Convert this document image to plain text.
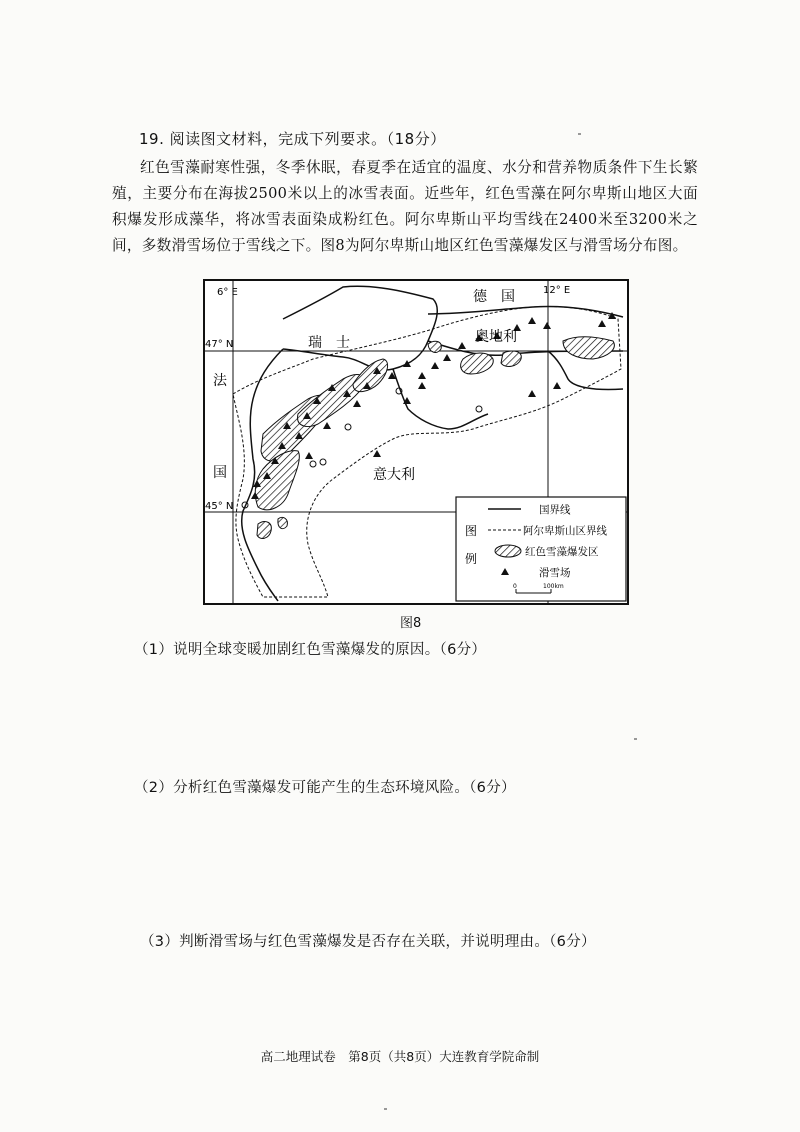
19. 阅读图文材料，完成下列要求。（18分）
红色雪藻耐寒性强，冬季休眠，春夏季在适宜的温度、水分和营养物质条件下生长繁殖，主要分布在海拔2500米以上的冰雪表面。近些年，红色雪藻在阿尔卑斯山地区大面积爆发形成藻华，将冰雪表面染成粉红色。阿尔卑斯山平均雪线在2400米至3200米之间，多数滑雪场位于雪线之下。图8为阿尔卑斯山地区红色雪藻爆发区与滑雪场分布图。
6° E	12° E
47° N
45° N
德　国
奥地利
瑞　士
法
国	意大利
图
例
国界线
阿尔卑斯山区界线
红色雪藻爆发区
滑雪场
0	100km
图8
（1）说明全球变暖加剧红色雪藻爆发的原因。（6分）
（2）分析红色雪藻爆发可能产生的生态环境风险。（6分）
（3）判断滑雪场与红色雪藻爆发是否存在关联，并说明理由。（6分）
高二地理试卷　第8页（共8页）大连教育学院命制
